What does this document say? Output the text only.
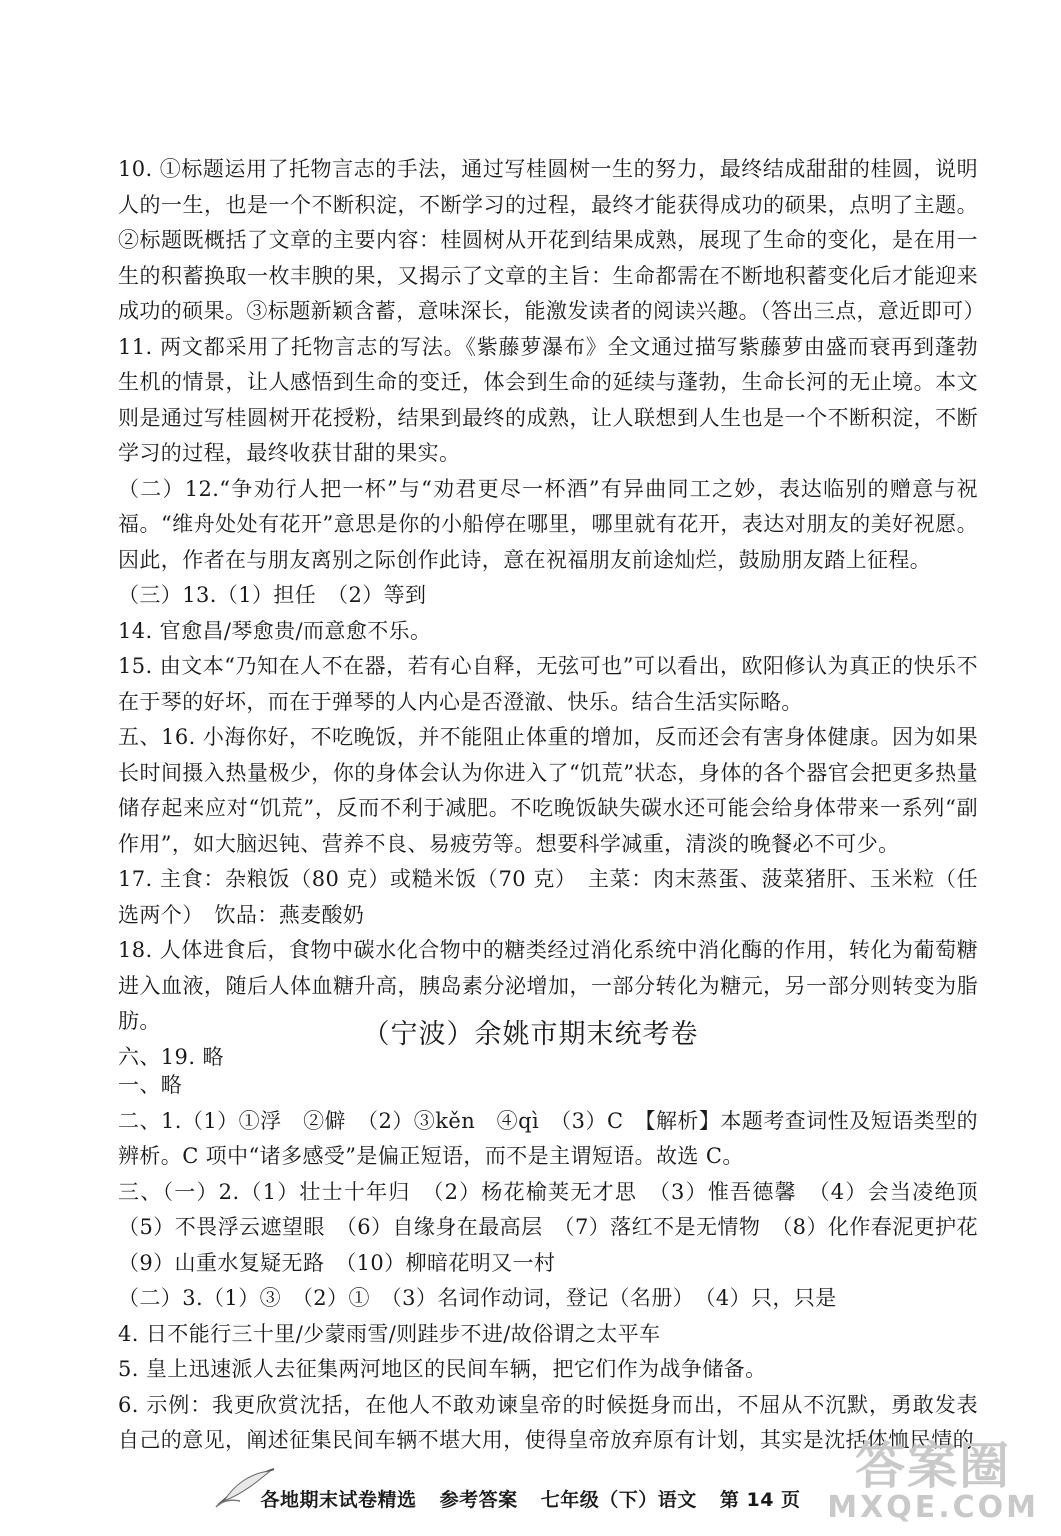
10. ①标题运用了托物言志的手法，通过写桂圆树一生的努力，最终结成甜甜的桂圆，说明人的一生，也是一个不断积淀，不断学习的过程，最终才能获得成功的硕果，点明了主题。②标题既概括了文章的主要内容：桂圆树从开花到结果成熟，展现了生命的变化，是在用一生的积蓄换取一枚丰腴的果，又揭示了文章的主旨：生命都需在不断地积蓄变化后才能迎来成功的硕果。③标题新颖含蓄，意味深长，能激发读者的阅读兴趣。（答出三点，意近即可）

11. 两文都采用了托物言志的写法。《紫藤萝瀑布》全文通过描写紫藤萝由盛而衰再到蓬勃生机的情景，让人感悟到生命的变迁，体会到生命的延续与蓬勃，生命长河的无止境。本文则是通过写桂圆树开花授粉，结果到最终的成熟，让人联想到人生也是一个不断积淀，不断学习的过程，最终收获甘甜的果实。

（二）12.“争劝行人把一杯”与“劝君更尽一杯酒”有异曲同工之妙，表达临别的赠意与祝福。“维舟处处有花开”意思是你的小船停在哪里，哪里就有花开，表达对朋友的美好祝愿。因此，作者在与朋友离别之际创作此诗，意在祝福朋友前途灿烂，鼓励朋友踏上征程。

（三）13.（1）担任　（2）等到

14. 官愈昌/琴愈贵/而意愈不乐。

15. 由文本“乃知在人不在器，若有心自释，无弦可也”可以看出，欧阳修认为真正的快乐不在于琴的好坏，而在于弹琴的人内心是否澄澈、快乐。结合生活实际略。

五、16. 小海你好，不吃晚饭，并不能阻止体重的增加，反而还会有害身体健康。因为如果长时间摄入热量极少，你的身体会认为你进入了“饥荒”状态，身体的各个器官会把更多热量储存起来应对“饥荒”，反而不利于减肥。不吃晚饭缺失碳水还可能会给身体带来一系列“副作用”，如大脑迟钝、营养不良、易疲劳等。想要科学减重，清淡的晚餐必不可少。

17. 主食：杂粮饭（80 克）或糙米饭（70 克）　主菜：肉末蒸蛋、菠菜猪肝、玉米粒（任选两个）　饮品：燕麦酸奶

18. 人体进食后，食物中碳水化合物中的糖类经过消化系统中消化酶的作用，转化为葡萄糖进入血液，随后人体血糖升高，胰岛素分泌增加，一部分转化为糖元，另一部分则转变为脂肪。

六、19. 略

（宁波）余姚市期末统考卷

一、略

二、1.（1）①浮　②僻　（2）③kěn　④qì　（3）C　【解析】本题考查词性及短语类型的辨析。C 项中“诸多感受”是偏正短语，而不是主谓短语。故选 C。

三、（一）2.（1）壮士十年归　（2）杨花榆荚无才思　（3）惟吾德馨　（4）会当凌绝顶　（5）不畏浮云遮望眼　（6）自缘身在最高层　（7）落红不是无情物　（8）化作春泥更护花　（9）山重水复疑无路　（10）柳暗花明又一村

（二）3.（1）③　（2）①　（3）名词作动词，登记（名册）　（4）只，只是

4. 日不能行三十里/少蒙雨雪/则跬步不进/故俗谓之太平车

5. 皇上迅速派人去征集两河地区的民间车辆，把它们作为战争储备。

6. 示例：我更欣赏沈括，在他人不敢劝谏皇帝的时候挺身而出，不屈从不沉默，勇敢发表自己的意见，阐述征集民间车辆不堪大用，使得皇帝放弃原有计划，其实是沈括体恤民情的

各地期末试卷精选 参考答案 七年级（下）语文 第 14 页
答案圈
MXQE.COM
